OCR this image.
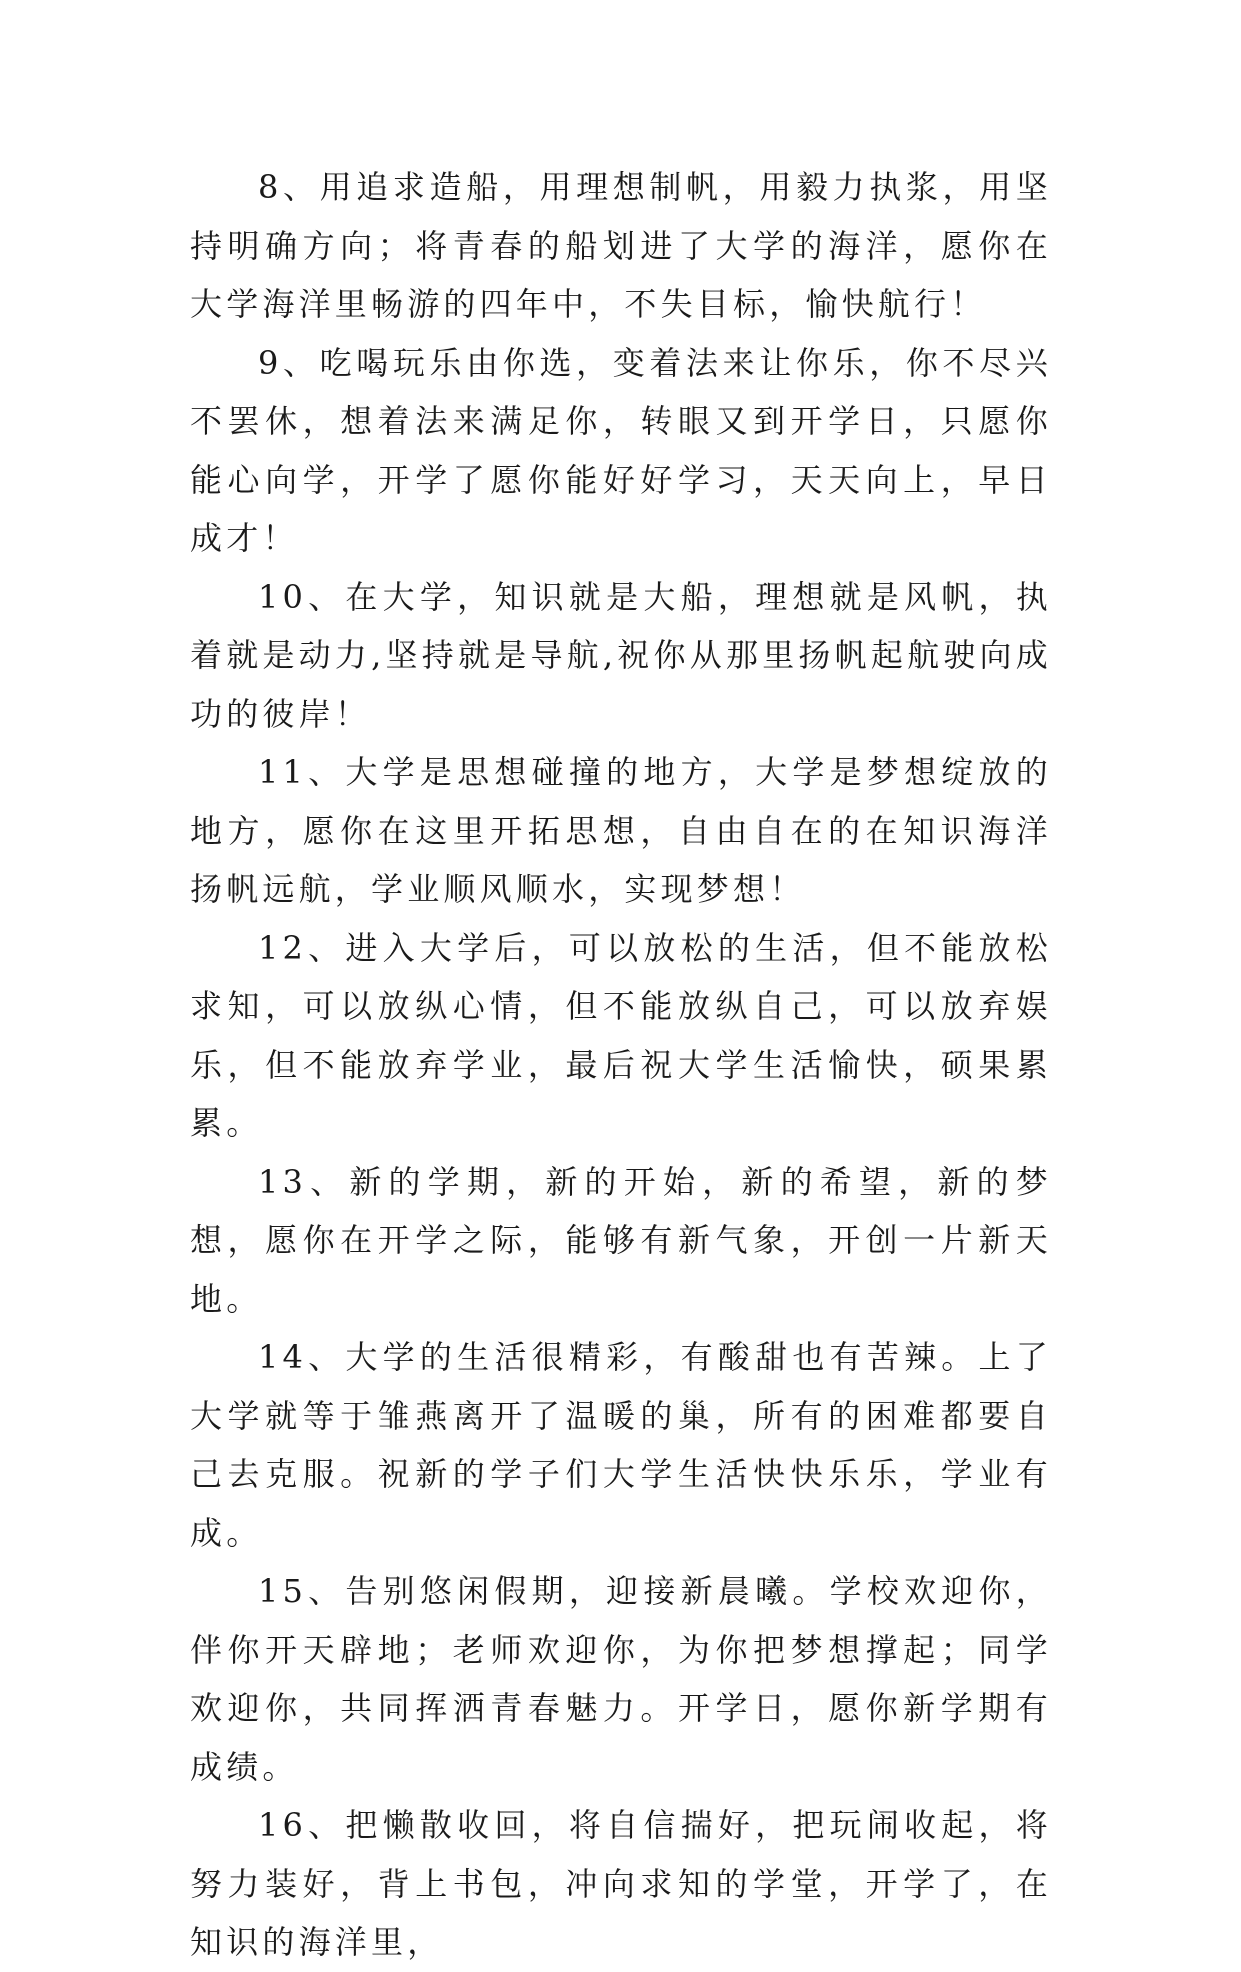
8、用追求造船，用理想制帆，用毅力执浆，用坚持明确方向；将青春的船划进了大学的海洋，愿你在大学海洋里畅游的四年中，不失目标，愉快航行！

9、吃喝玩乐由你选，变着法来让你乐，你不尽兴不罢休，想着法来满足你，转眼又到开学日，只愿你能心向学，开学了愿你能好好学习，天天向上，早日成才！

10、在大学，知识就是大船，理想就是风帆，执着就是动力,坚持就是导航,祝你从那里扬帆起航驶向成功的彼岸！

11、大学是思想碰撞的地方，大学是梦想绽放的地方，愿你在这里开拓思想，自由自在的在知识海洋扬帆远航，学业顺风顺水，实现梦想！

12、进入大学后，可以放松的生活，但不能放松求知，可以放纵心情，但不能放纵自己，可以放弃娱乐，但不能放弃学业，最后祝大学生活愉快，硕果累累。

13、新的学期，新的开始，新的希望，新的梦想，愿你在开学之际，能够有新气象，开创一片新天地。

14、大学的生活很精彩，有酸甜也有苦辣。上了大学就等于雏燕离开了温暖的巢，所有的困难都要自己去克服。祝新的学子们大学生活快快乐乐，学业有成。

15、告别悠闲假期，迎接新晨曦。学校欢迎你，伴你开天辟地；老师欢迎你，为你把梦想撑起；同学欢迎你，共同挥洒青春魅力。开学日，愿你新学期有成绩。

16、把懒散收回，将自信揣好，把玩闹收起，将努力装好，背上书包，冲向求知的学堂，开学了，在知识的海洋里，
